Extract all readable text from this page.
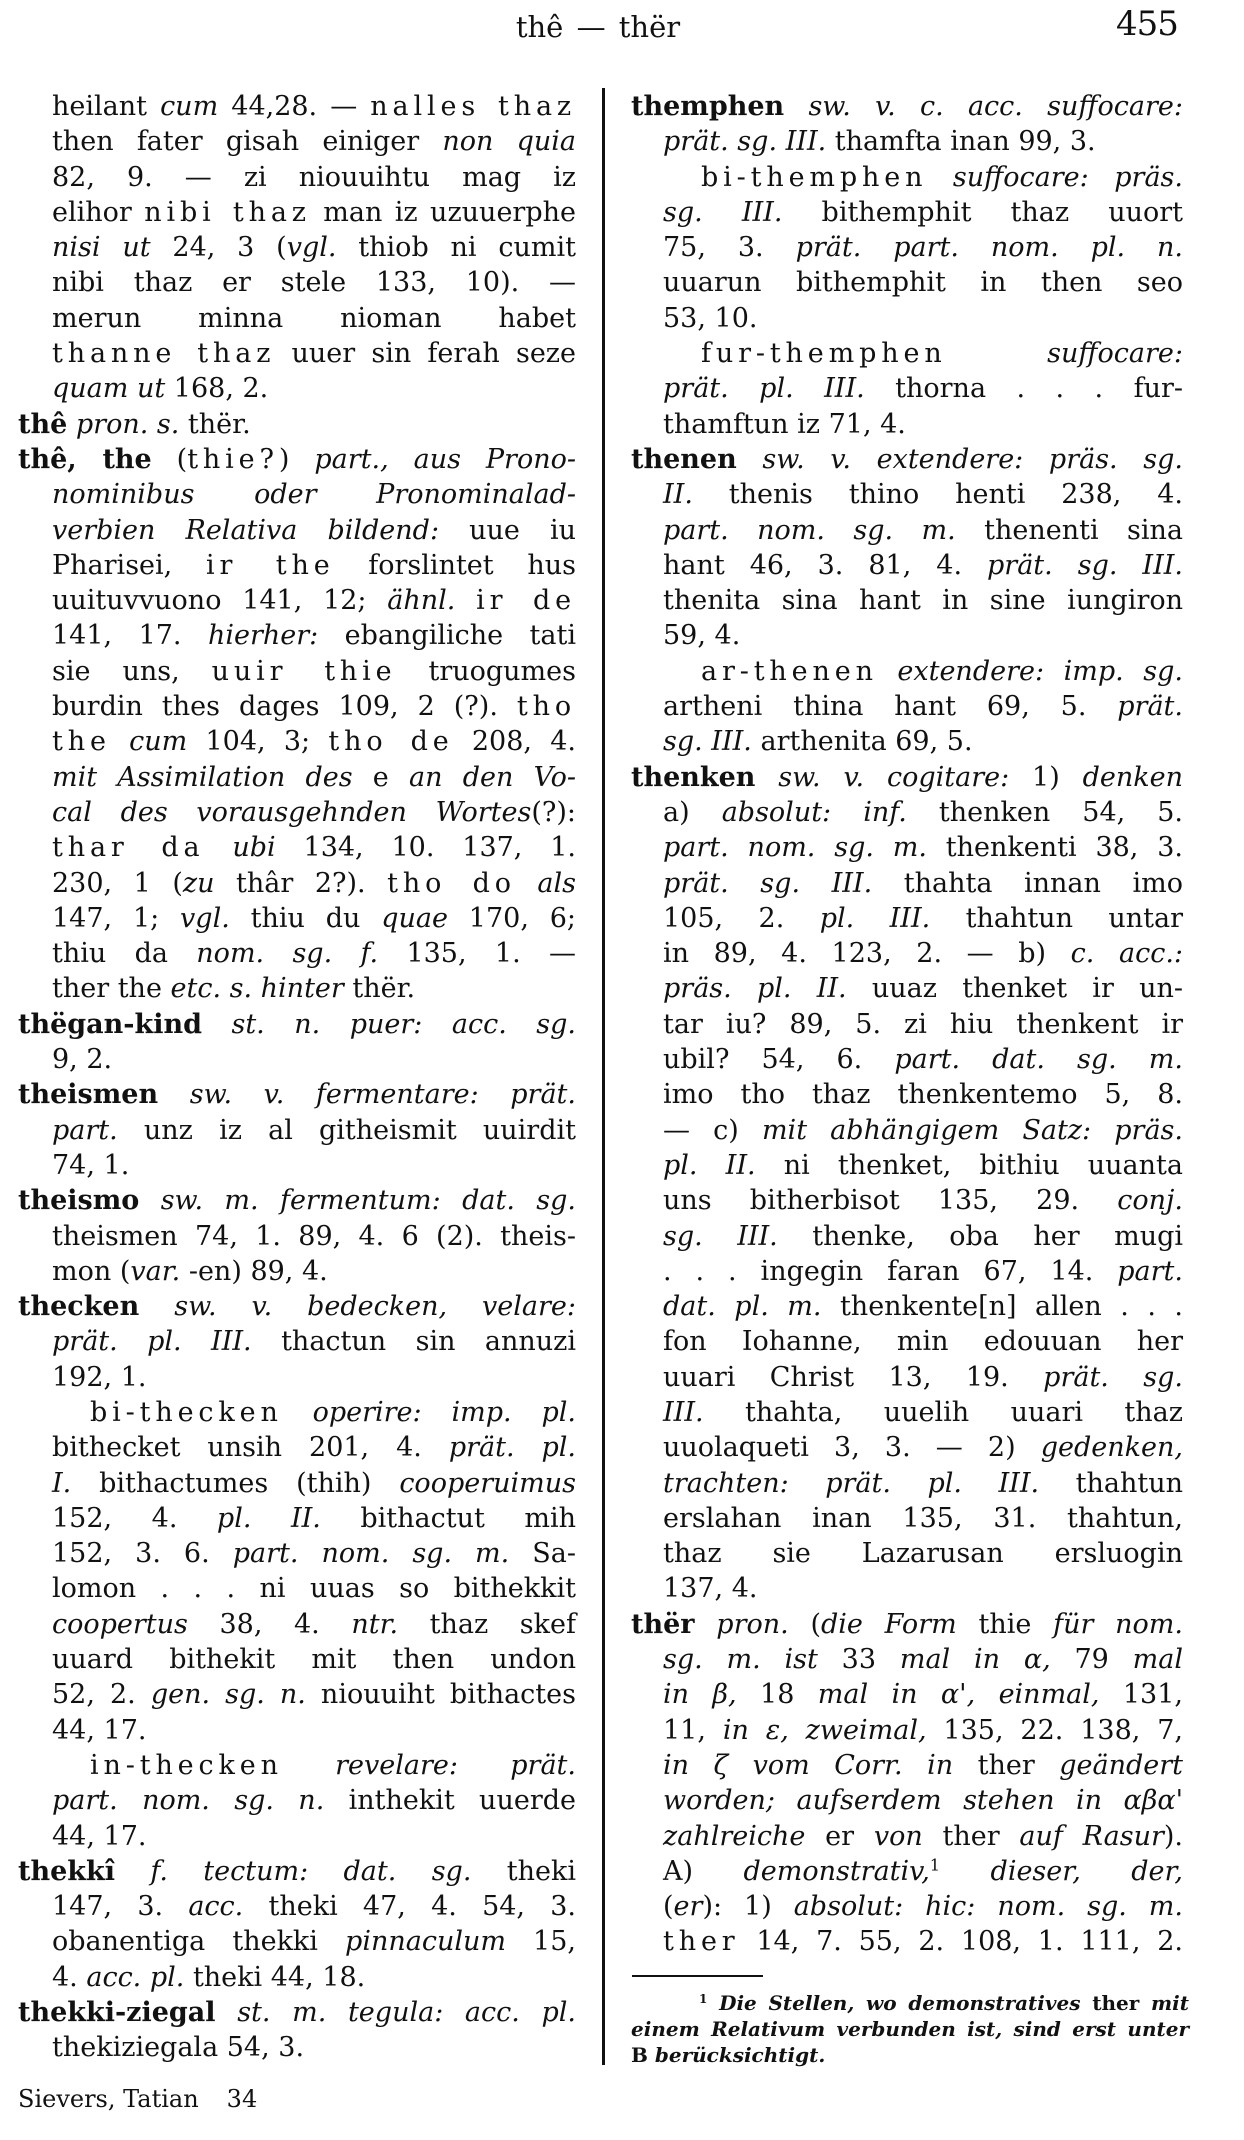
thê — thër	455
heilant cum 44,28. — nalles thaz
then fater gisah einiger non quia
82, 9. — zi niouuihtu mag iz
elihor nibi thaz man iz uzuuerphe
nisi ut 24, 3 (vgl. thiob ni cumit
nibi thaz er stele 133, 10). —
merun minna nioman habet
thanne thaz uuer sin ferah seze
quam ut 168, 2.
thê pron. s. thër.
thê, the (thie?) part., aus Prono-
nominibus oder Pronominalad-
verbien Relativa bildend: uue iu
Pharisei, ir the forslintet hus
uuituvvuono 141, 12; ähnl. ir de
141, 17. hierher: ebangiliche tati
sie uns, uuir thie truogumes
burdin thes dages 109, 2 (?). tho
the cum 104, 3; tho de 208, 4.
mit Assimilation des e an den Vo-
cal des vorausgehnden Wortes(?):
thar da ubi 134, 10. 137, 1.
230, 1 (zu thâr 2?). tho do als
147, 1; vgl. thiu du quae 170, 6;
thiu da nom. sg. f. 135, 1. —
ther the etc. s. hinter thër.
thëgan-kind st. n. puer: acc. sg.
9, 2.
theismen sw. v. fermentare: prät.
part. unz iz al githeismit uuirdit
74, 1.
theismo sw. m. fermentum: dat. sg.
theismen 74, 1. 89, 4. 6 (2). theis-
mon (var. -en) 89, 4.
thecken sw. v. bedecken, velare:
prät. pl. III. thactun sin annuzi
192, 1.
bi-thecken operire: imp. pl.
bithecket unsih 201, 4. prät. pl.
I. bithactumes (thih) cooperuimus
152, 4. pl. II. bithactut mih
152, 3. 6. part. nom. sg. m. Sa-
lomon . . . ni uuas so bithekkit
coopertus 38, 4. ntr. thaz skef
uuard bithekit mit then undon
52, 2. gen. sg. n. niouuiht bithactes
44, 17.
in-thecken revelare: prät.
part. nom. sg. n. inthekit uuerde
44, 17.
thekkî f. tectum: dat. sg. theki
147, 3. acc. theki 47, 4. 54, 3.
obanentiga thekki pinnaculum 15,
4. acc. pl. theki 44, 18.
thekki-ziegal st. m. tegula: acc. pl.
thekiziegala 54, 3.
themphen sw. v. c. acc. suffocare:
prät. sg. III. thamfta inan 99, 3.
bi-themphen suffocare: präs.
sg. III. bithemphit thaz uuort
75, 3. prät. part. nom. pl. n.
uuarun bithemphit in then seo
53, 10.
fur-themphen	suffocare:
prät. pl. III. thorna . . . fur-
thamftun iz 71, 4.
thenen sw. v. extendere: präs. sg.
II. thenis thino henti 238, 4.
part. nom. sg. m. thenenti sina
hant 46, 3. 81, 4. prät. sg. III.
thenita sina hant in sine iungiron
59, 4.
ar-thenen extendere: imp. sg.
artheni thina hant 69, 5. prät.
sg. III. arthenita 69, 5.
thenken sw. v. cogitare: 1) denken
a) absolut: inf. thenken 54, 5.
part. nom. sg. m. thenkenti 38, 3.
prät. sg. III. thahta innan imo
105, 2. pl. III. thahtun untar
in 89, 4. 123, 2. — b) c. acc.:
präs. pl. II. uuaz thenket ir un-
tar iu? 89, 5. zi hiu thenkent ir
ubil? 54, 6. part. dat. sg. m.
imo tho thaz thenkentemo 5, 8.
— c) mit abhängigem Satz: präs.
pl. II. ni thenket, bithiu uuanta
uns bitherbisot 135, 29. conj.
sg. III. thenke, oba her mugi
. . . ingegin faran 67, 14. part.
dat. pl. m. thenkente[n] allen . . .
fon Iohanne, min edouuan her
uuari Christ 13, 19. prät. sg.
III. thahta, uuelih uuari thaz
uuolaqueti 3, 3. — 2) gedenken,
trachten: prät. pl. III. thahtun
erslahan inan 135, 31. thahtun,
thaz sie Lazarusan ersluogin
137, 4.
thër pron. (die Form thie für nom.
sg. m. ist 33 mal in α, 79 mal
in β, 18 mal in α', einmal, 131,
11, in ε, zweimal, 135, 22. 138, 7,
in ζ vom Corr. in ther geändert
worden; aufserdem stehen in αβα'
zahlreiche er von ther auf Rasur).
A) demonstrativ,$^1$ dieser, der,
(er): 1) absolut: hic: nom. sg. m.
ther 14, 7. 55, 2. 108, 1. 111, 2.
$^1$ Die Stellen, wo demonstratives ther mit
einem Relativum verbunden ist, sind erst unter
B berücksichtigt.
Sievers, Tatian 34
